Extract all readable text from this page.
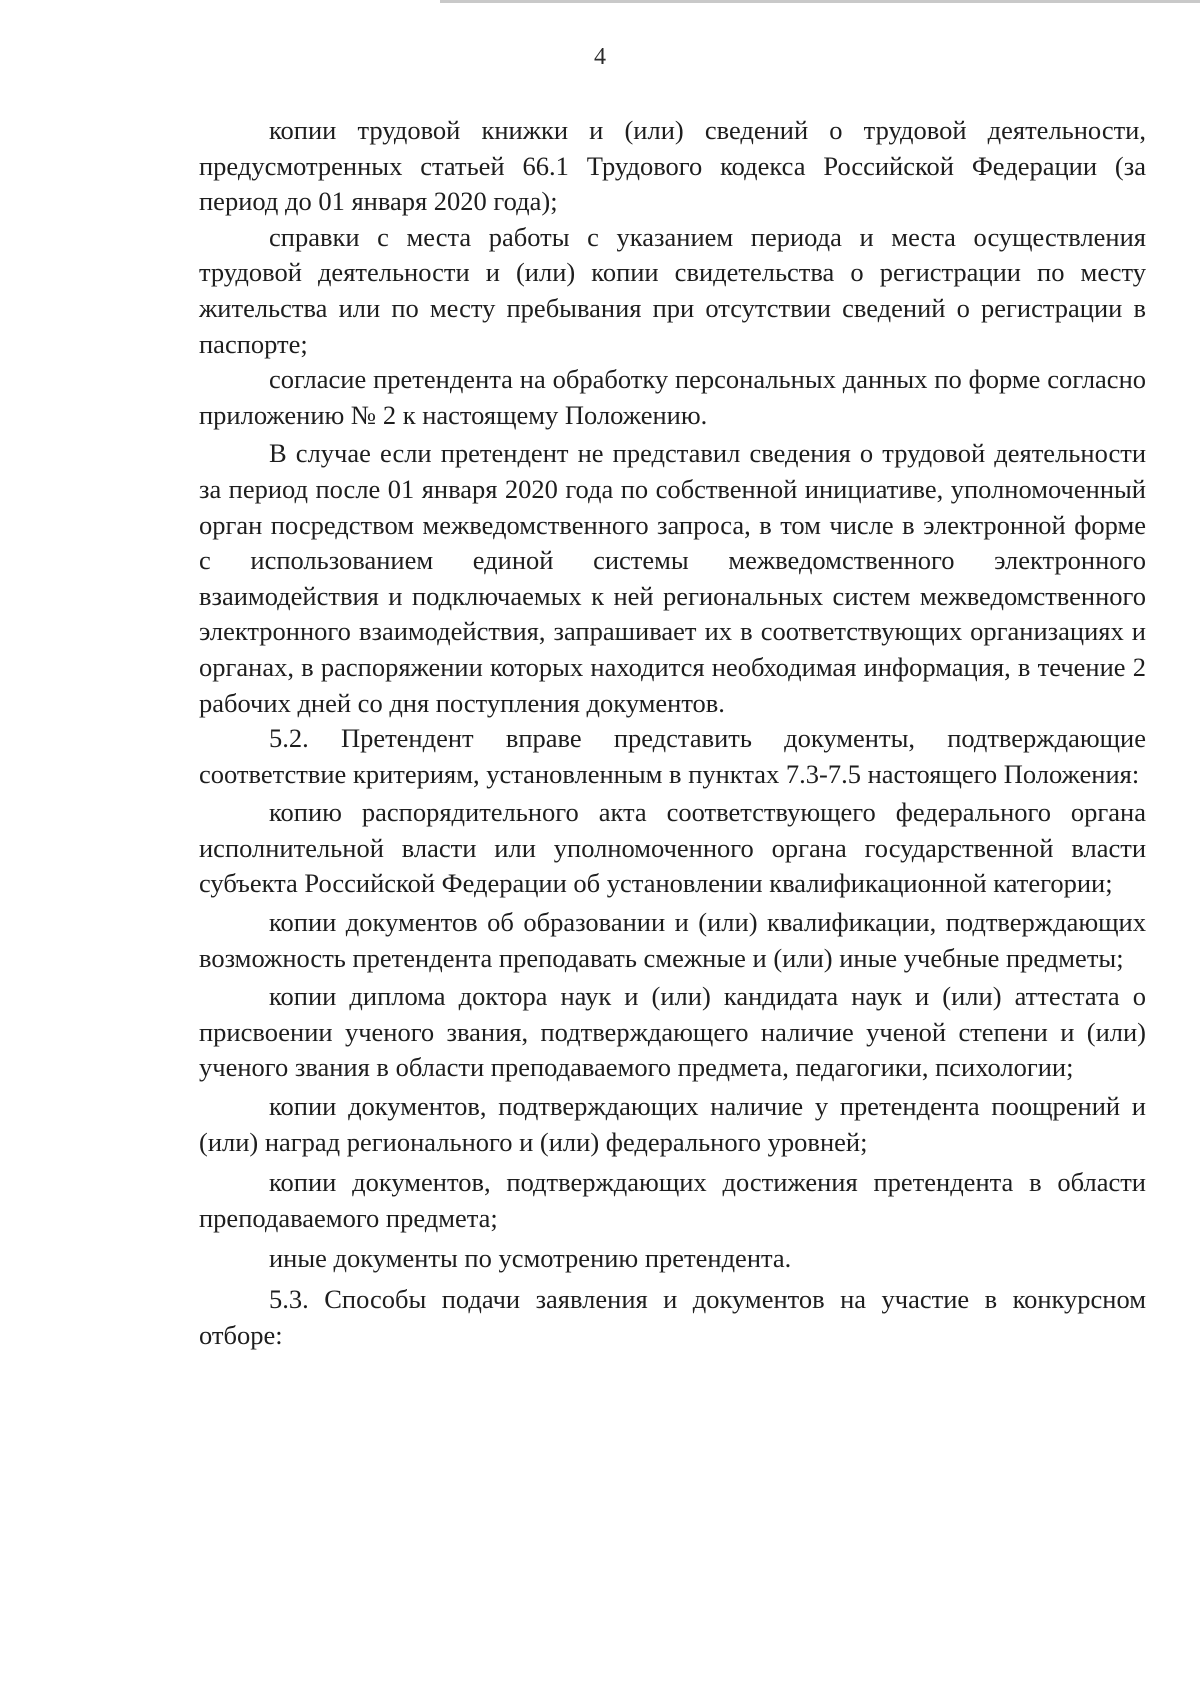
4

копии трудовой книжки и (или) сведений о трудовой деятельности, предусмотренных статьей 66.1 Трудового кодекса Российской Федерации (за период до 01 января 2020 года);

справки с места работы с указанием периода и места осуществления трудовой деятельности и (или) копии свидетельства о регистрации по месту жительства или по месту пребывания при отсутствии сведений о регистрации в паспорте;

согласие претендента на обработку персональных данных по форме согласно приложению № 2 к настоящему Положению.

В случае если претендент не представил сведения о трудовой деятельности за период после 01 января 2020 года по собственной инициативе, уполномоченный орган посредством межведомственного запроса, в том числе в электронной форме с использованием единой системы межведомственного электронного взаимодействия и подключаемых к ней региональных систем межведомственного электронного взаимодействия, запрашивает их в соответствующих организациях и органах, в распоряжении которых находится необходимая информация, в течение 2 рабочих дней со дня поступления документов.

5.2. Претендент вправе представить документы, подтверждающие соответствие критериям, установленным в пунктах 7.3-7.5 настоящего Положения:

копию распорядительного акта соответствующего федерального органа исполнительной власти или уполномоченного органа государственной власти субъекта Российской Федерации об установлении квалификационной категории;

копии документов об образовании и (или) квалификации, подтверждающих возможность претендента преподавать смежные и (или) иные учебные предметы;

копии диплома доктора наук и (или) кандидата наук и (или) аттестата о присвоении ученого звания, подтверждающего наличие ученой степени и (или) ученого звания в области преподаваемого предмета, педагогики, психологии;

копии документов, подтверждающих наличие у претендента поощрений и (или) наград регионального и (или) федерального уровней;

копии документов, подтверждающих достижения претендента в области преподаваемого предмета;

иные документы по усмотрению претендента.

5.3. Способы подачи заявления и документов на участие в конкурсном отборе:
